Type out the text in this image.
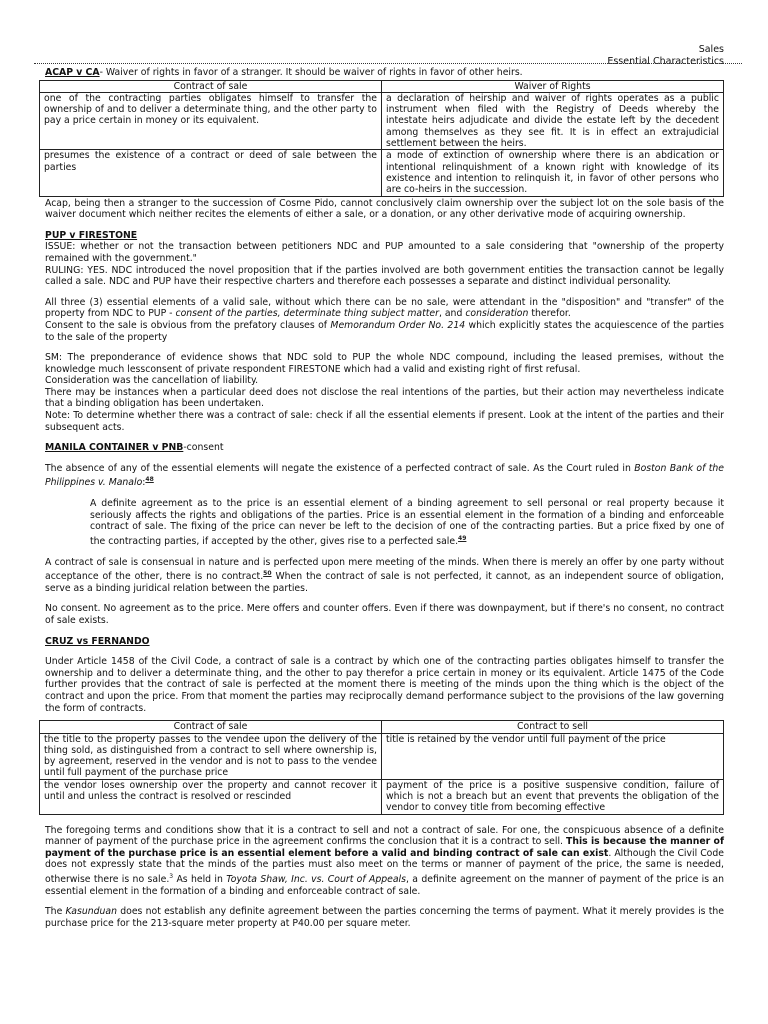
Sales
Essential Characteristics

ACAP v CA- Waiver of rights in favor of a stranger. It should be waiver of rights in favor of other heirs.

Contract of sale	Waiver of Rights
one of the contracting parties obligates himself to transfer the ownership of and to deliver a determinate thing, and the other party to pay a price certain in money or its equivalent.	a declaration of heirship and waiver of rights operates as a public instrument when filed with the Registry of Deeds whereby the intestate heirs adjudicate and divide the estate left by the decedent among themselves as they see fit. It is in effect an extrajudicial settlement between the heirs.
presumes the existence of a contract or deed of sale between the parties	a mode of extinction of ownership where there is an abdication or intentional relinquishment of a known right with knowledge of its existence and intention to relinquish it, in favor of other persons who are co-heirs in the succession.

Acap, being then a stranger to the succession of Cosme Pido, cannot conclusively claim ownership over the subject lot on the sole basis of the waiver document which neither recites the elements of either a sale, or a donation, or any other derivative mode of acquiring ownership.

PUP v FIRESTONE

ISSUE: whether or not the transaction between petitioners NDC and PUP amounted to a sale considering that "ownership of the property remained with the government."

RULING: YES. NDC introduced the novel proposition that if the parties involved are both government entities the transaction cannot be legally called a sale. NDC and PUP have their respective charters and therefore each possesses a separate and distinct individual personality.

All three (3) essential elements of a valid sale, without which there can be no sale, were attendant in the "disposition" and "transfer" of the property from NDC to PUP - consent of the parties, determinate thing subject matter, and consideration therefor.

Consent to the sale is obvious from the prefatory clauses of Memorandum Order No. 214 which explicitly states the acquiescence of the parties to the sale of the property

SM: The preponderance of evidence shows that NDC sold to PUP the whole NDC compound, including the leased premises, without the knowledge much lessconsent of private respondent FIRESTONE which had a valid and existing right of first refusal.

Consideration was the cancellation of liability.

There may be instances when a particular deed does not disclose the real intentions of the parties, but their action may nevertheless indicate that a binding obligation has been undertaken.

Note: To determine whether there was a contract of sale: check if all the essential elements if present. Look at the intent of the parties and their subsequent acts.

MANILA CONTAINER v PNB-consent

The absence of any of the essential elements will negate the existence of a perfected contract of sale. As the Court ruled in Boston Bank of the Philippines v. Manalo:$^{48}$

A definite agreement as to the price is an essential element of a binding agreement to sell personal or real property because it seriously affects the rights and obligations of the parties. Price is an essential element in the formation of a binding and enforceable contract of sale. The fixing of the price can never be left to the decision of one of the contracting parties. But a price fixed by one of the contracting parties, if accepted by the other, gives rise to a perfected sale.$^{49}$

A contract of sale is consensual in nature and is perfected upon mere meeting of the minds. When there is merely an offer by one party without acceptance of the other, there is no contract.$^{50}$ When the contract of sale is not perfected, it cannot, as an independent source of obligation, serve as a binding juridical relation between the parties.

No consent. No agreement as to the price. Mere offers and counter offers. Even if there was downpayment, but if there's no consent, no contract of sale exists.

CRUZ vs FERNANDO

Under Article 1458 of the Civil Code, a contract of sale is a contract by which one of the contracting parties obligates himself to transfer the ownership and to deliver a determinate thing, and the other to pay therefor a price certain in money or its equivalent. Article 1475 of the Code further provides that the contract of sale is perfected at the moment there is meeting of the minds upon the thing which is the object of the contract and upon the price. From that moment the parties may reciprocally demand performance subject to the provisions of the law governing the form of contracts.

Contract of sale	Contract to sell
the title to the property passes to the vendee upon the delivery of the thing sold, as distinguished from a contract to sell where ownership is, by agreement, reserved in the vendor and is not to pass to the vendee until full payment of the purchase price	title is retained by the vendor until full payment of the price
the vendor loses ownership over the property and cannot recover it until and unless the contract is resolved or rescinded	payment of the price is a positive suspensive condition, failure of which is not a breach but an event that prevents the obligation of the vendor to convey title from becoming effective

The foregoing terms and conditions show that it is a contract to sell and not a contract of sale. For one, the conspicuous absence of a definite manner of payment of the purchase price in the agreement confirms the conclusion that it is a contract to sell. This is because the manner of payment of the purchase price is an essential element before a valid and binding contract of sale can exist. Although the Civil Code does not expressly state that the minds of the parties must also meet on the terms or manner of payment of the price, the same is needed, otherwise there is no sale.$^3$ As held in Toyota Shaw, Inc. vs. Court of Appeals, a definite agreement on the manner of payment of the price is an essential element in the formation of a binding and enforceable contract of sale.

The Kasunduan does not establish any definite agreement between the parties concerning the terms of payment. What it merely provides is the purchase price for the 213-square meter property at P40.00 per square meter.
